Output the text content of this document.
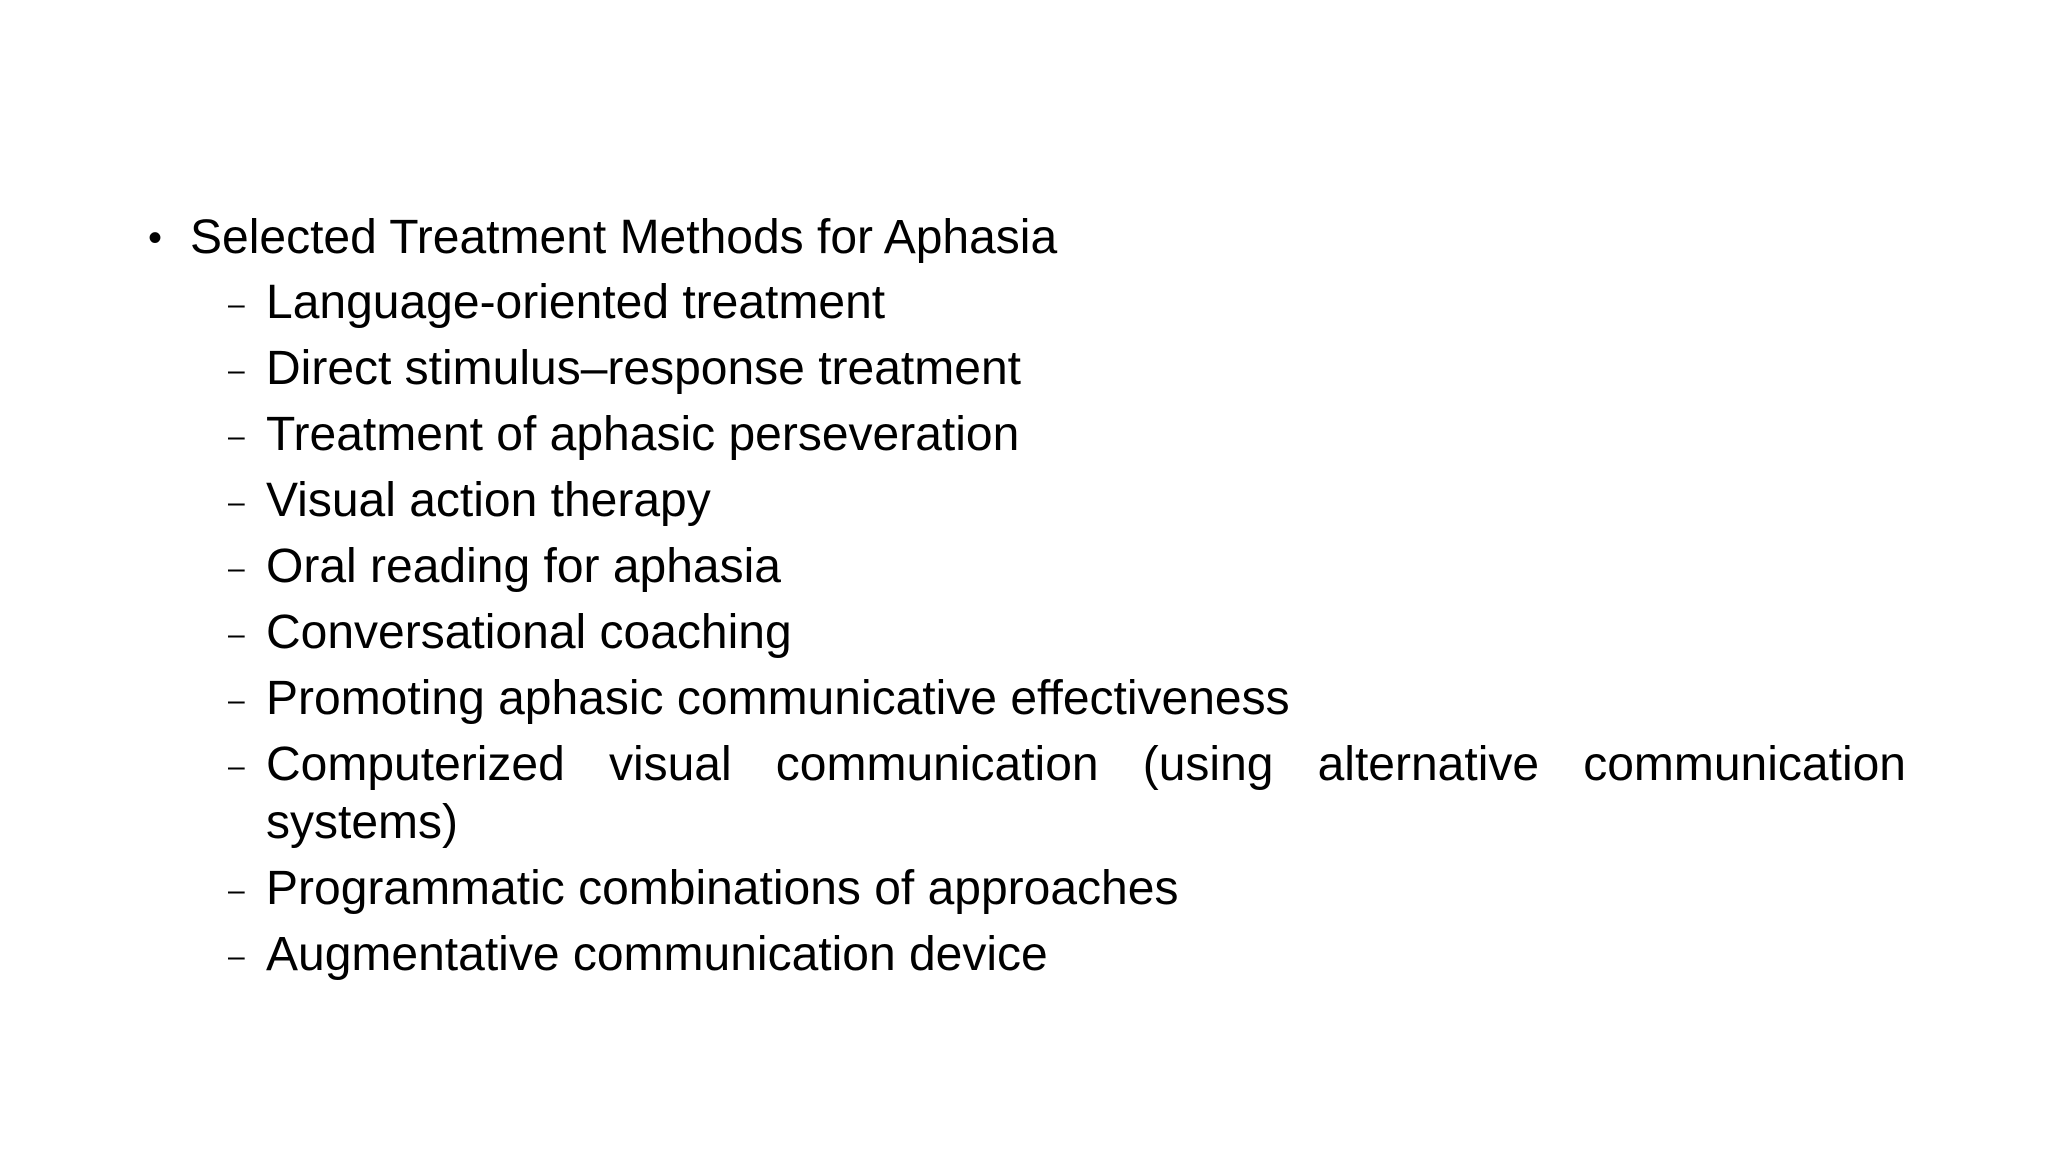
• Selected Treatment Methods for Aphasia
– Language-oriented treatment
– Direct stimulus–response treatment
– Treatment of aphasic perseveration
– Visual action therapy
– Oral reading for aphasia
– Conversational coaching
– Promoting aphasic communicative effectiveness
– Computerized visual communication (using alternative communication systems)
– Programmatic combinations of approaches
– Augmentative communication device
